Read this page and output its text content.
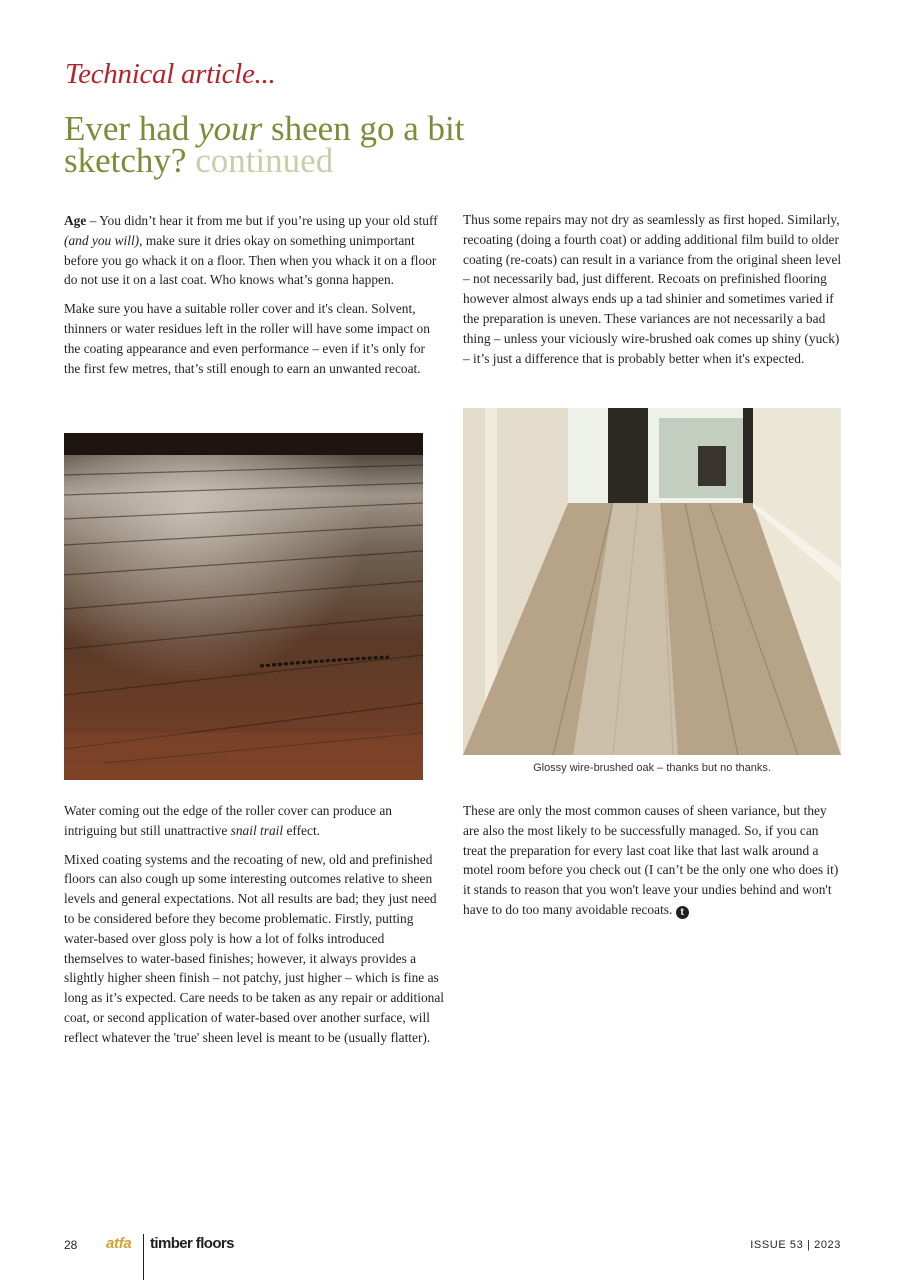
Technical article...
Ever had your sheen go a bit sketchy? continued

Age – You didn’t hear it from me but if you’re using up your old stuff (and you will), make sure it dries okay on something unimportant before you go whack it on a floor. Then when you whack it on a floor do not use it on a last coat. Who knows what’s gonna happen.

Make sure you have a suitable roller cover and it's clean. Solvent, thinners or water residues left in the roller will have some impact on the coating appearance and even performance – even if it’s only for the first few metres, that’s still enough to earn an unwanted recoat.

Thus some repairs may not dry as seamlessly as first hoped. Similarly, recoating (doing a fourth coat) or adding additional film build to older coating (re-coats) can result in a variance from the original sheen level – not necessarily bad, just different. Recoats on prefinished flooring however almost always ends up a tad shinier and sometimes varied if the preparation is uneven. These variances are not necessarily a bad thing – unless your viciously wire-brushed oak comes up shiny (yuck) – it’s just a difference that is probably better when it's expected.

Glossy wire-brushed oak – thanks but no thanks.

Water coming out the edge of the roller cover can produce an intriguing but still unattractive snail trail effect.

Mixed coating systems and the recoating of new, old and prefinished floors can also cough up some interesting outcomes relative to sheen levels and general expectations. Not all results are bad; they just need to be considered before they become problematic. Firstly, putting water-based over gloss poly is how a lot of folks introduced themselves to water-based finishes; however, it always provides a slightly higher sheen finish – not patchy, just higher – which is fine as long as it’s expected. Care needs to be taken as any repair or additional coat, or second application of water-based over another surface, will reflect whatever the 'true' sheen level is meant to be (usually flatter).

These are only the most common causes of sheen variance, but they are also the most likely to be successfully managed. So, if you can treat the preparation for every last coat like that last walk around a motel room before you check out (I can’t be the only one who does it) it stands to reason that you won't leave your undies behind and won't have to do too many avoidable recoats. t

28 atfa timber floors	ISSUE 53 | 2023
